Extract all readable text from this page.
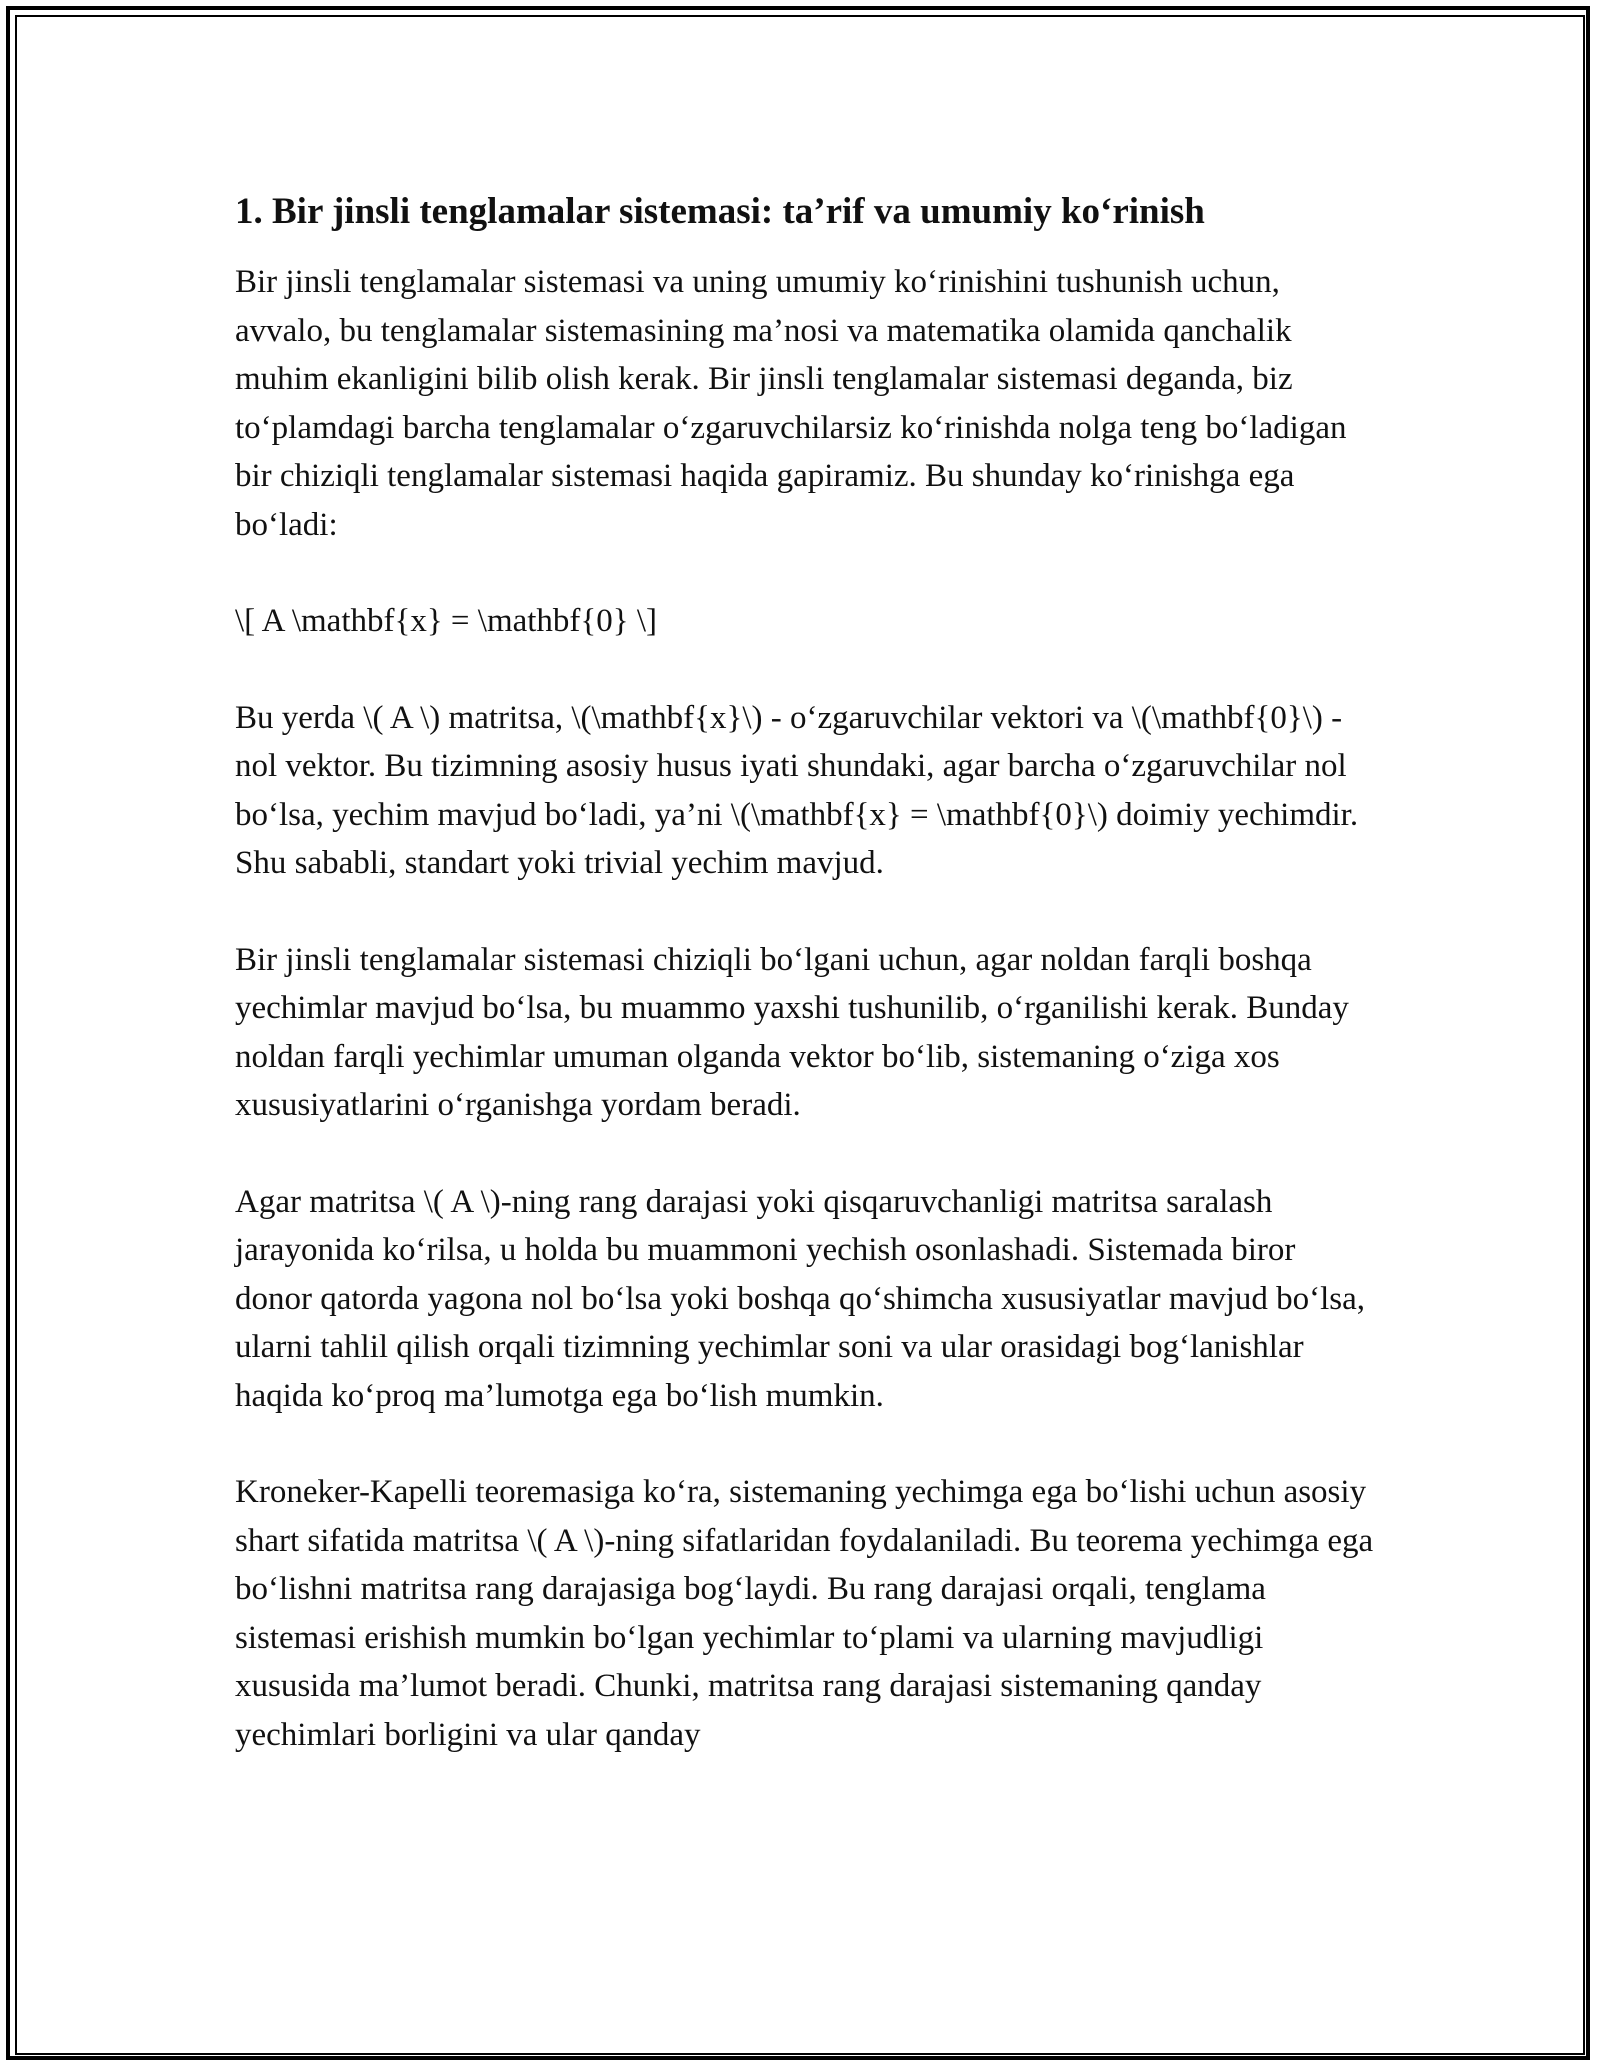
1. Bir jinsli tenglamalar sistemasi: ta’rif va umumiy ko‘rinish

Bir jinsli tenglamalar sistemasi va uning umumiy ko‘rinishini tushunish uchun, avvalo, bu tenglamalar sistemasining ma’nosi va matematika olamida qanchalik muhim ekanligini bilib olish kerak. Bir jinsli tenglamalar sistemasi deganda, biz to‘plamdagi barcha tenglamalar o‘zgaruvchilarsiz ko‘rinishda nolga teng bo‘ladigan bir chiziqli tenglamalar sistemasi haqida gapiramiz. Bu shunday ko‘rinishga ega bo‘ladi:

\[ A \mathbf{x} = \mathbf{0} \]

Bu yerda \( A \) matritsa, \(\mathbf{x}\) - o‘zgaruvchilar vektori va \(\mathbf{0}\) - nol vektor. Bu tizimning asosiy husus iyati shundaki, agar barcha o‘zgaruvchilar nol bo‘lsa, yechim mavjud bo‘ladi, ya’ni \(\mathbf{x} = \mathbf{0}\) doimiy yechimdir. Shu sababli, standart yoki trivial yechim mavjud.

Bir jinsli tenglamalar sistemasi chiziqli bo‘lgani uchun, agar noldan farqli boshqa yechimlar mavjud bo‘lsa, bu muammo yaxshi tushunilib, o‘rganilishi kerak. Bunday noldan farqli yechimlar umuman olganda vektor bo‘lib, sistemaning o‘ziga xos xususiyatlarini o‘rganishga yordam beradi.

Agar matritsa \( A \)-ning rang darajasi yoki qisqaruvchanligi matritsa saralash jarayonida ko‘rilsa, u holda bu muammoni yechish osonlashadi. Sistemada biror donor qatorda yagona nol bo‘lsa yoki boshqa qo‘shimcha xususiyatlar mavjud bo‘lsa, ularni tahlil qilish orqali tizimning yechimlar soni va ular orasidagi bog‘lanishlar haqida ko‘proq ma’lumotga ega bo‘lish mumkin.

Kroneker-Kapelli teoremasiga ko‘ra, sistemaning yechimga ega bo‘lishi uchun asosiy shart sifatida matritsa \( A \)-ning sifatlaridan foydalaniladi. Bu teorema yechimga ega bo‘lishni matritsa rang darajasiga bog‘laydi. Bu rang darajasi orqali, tenglama sistemasi erishish mumkin bo‘lgan yechimlar to‘plami va ularning mavjudligi xususida ma’lumot beradi. Chunki, matritsa rang darajasi sistemaning qanday yechimlari borligini va ular qanday
